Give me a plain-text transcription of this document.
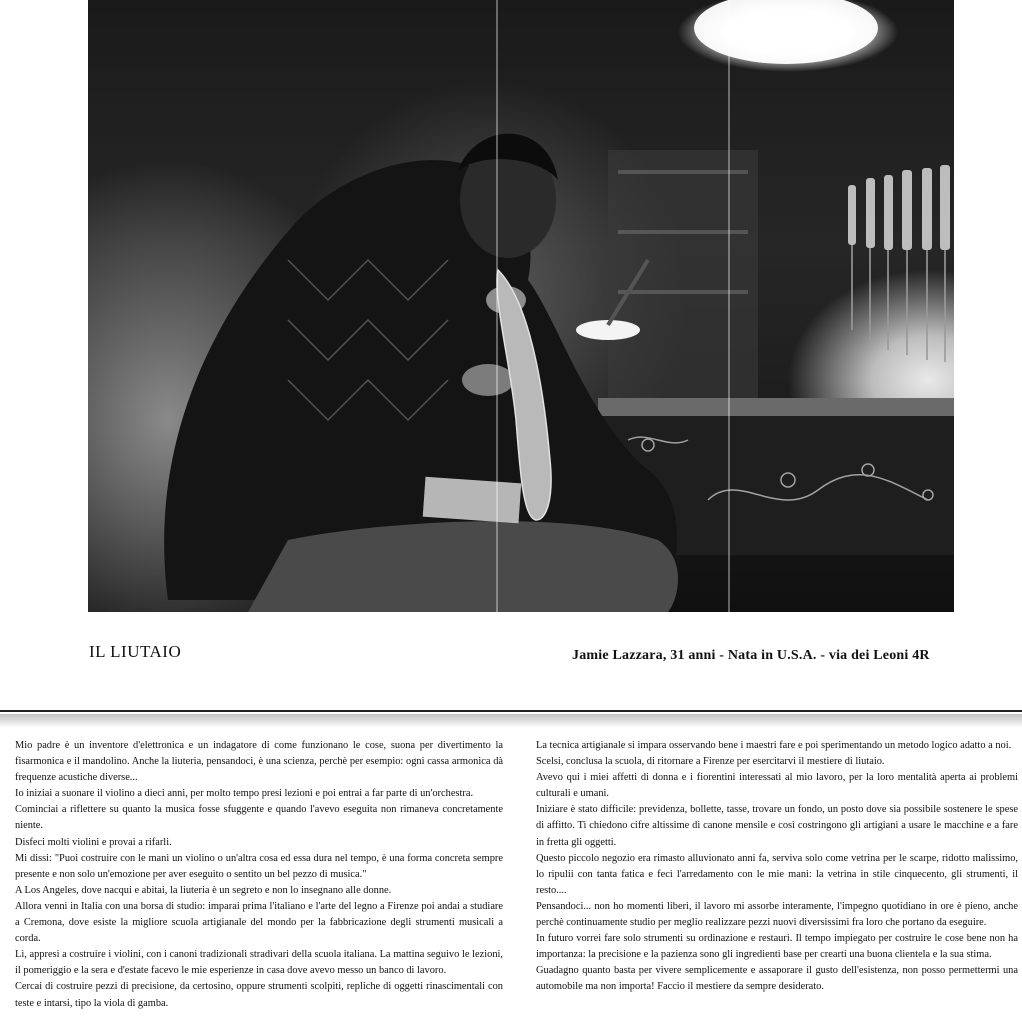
IL LIUTAIO	Jamie Lazzara, 31 anni - Nata in U.S.A. - via dei Leoni 4R

Mio padre è un inventore d'elettronica e un indagatore di come funzionano le cose, suona per divertimento la fisarmonica e il mandolino. Anche la liuteria, pensandoci, è una scienza, perchè per esempio: ogni cassa armonica dà frequenze acustiche diverse...

Io iniziai a suonare il violino a dieci anni, per molto tempo presi lezioni e poi entrai a far parte di un'orchestra.

Cominciai a riflettere su quanto la musica fosse sfuggente e quando l'avevo eseguita non rimaneva concretamente niente.

Disfeci molti violini e provai a rifarli.

Mi dissi: "Puoi costruire con le mani un violino o un'altra cosa ed essa dura nel tempo, è una forma concreta sempre presente e non solo un'emozione per aver eseguito o sentito un bel pezzo di musica."

A Los Angeles, dove nacqui e abitai, la liuteria è un segreto e non lo insegnano alle donne.

Allora venni in Italia con una borsa di studio: imparai prima l'italiano e l'arte del legno a Firenze poi andai a studiare a Cremona, dove esiste la migliore scuola artigianale del mondo per la fabbricazione degli strumenti musicali a corda.

Lì, appresi a costruire i violini, con i canoni tradizionali stradivari della scuola italiana. La mattina seguivo le lezioni, il pomeriggio e la sera e d'estate facevo le mie esperienze in casa dove avevo messo un banco di lavoro.

Cercai di costruire pezzi di precisione, da certosino, oppure strumenti scolpiti, repliche di oggetti rinascimentali con teste e intarsi, tipo la viola di gamba.

La tecnica artigianale si impara osservando bene i maestri fare e poi sperimentando un metodo logico adatto a noi.

Scelsi, conclusa la scuola, di ritornare a Firenze per esercitarvi il mestiere di liutaio.

Avevo qui i miei affetti di donna e i fiorentini interessati al mio lavoro, per la loro mentalità aperta ai problemi culturali e umani.

Iniziare è stato difficile: previdenza, bollette, tasse, trovare un fondo, un posto dove sia possibile sostenere le spese di affitto. Ti chiedono cifre altissime di canone mensile e così costringono gli artigiani a usare le macchine e a fare in fretta gli oggetti.

Questo piccolo negozio era rimasto alluvionato anni fa, serviva solo come vetrina per le scarpe, ridotto malissimo, lo ripulii con tanta fatica e feci l'arredamento con le mie mani: la vetrina in stile cinquecento, gli strumenti, il resto....

Pensandoci... non ho momenti liberi, il lavoro mi assorbe interamente, l'impegno quotidiano in ore è pieno, anche perchè continuamente studio per meglio realizzare pezzi nuovi diversissimi fra loro che portano da eseguire.

In futuro vorrei fare solo strumenti su ordinazione e restauri. Il tempo impiegato per costruire le cose bene non ha importanza: la precisione e la pazienza sono gli ingredienti base per crearti una buona clientela e la sua stima.

Guadagno quanto basta per vivere semplicemente e assaporare il gusto dell'esistenza, non posso permettermi una automobile ma non importa! Faccio il mestiere da sempre desiderato.
